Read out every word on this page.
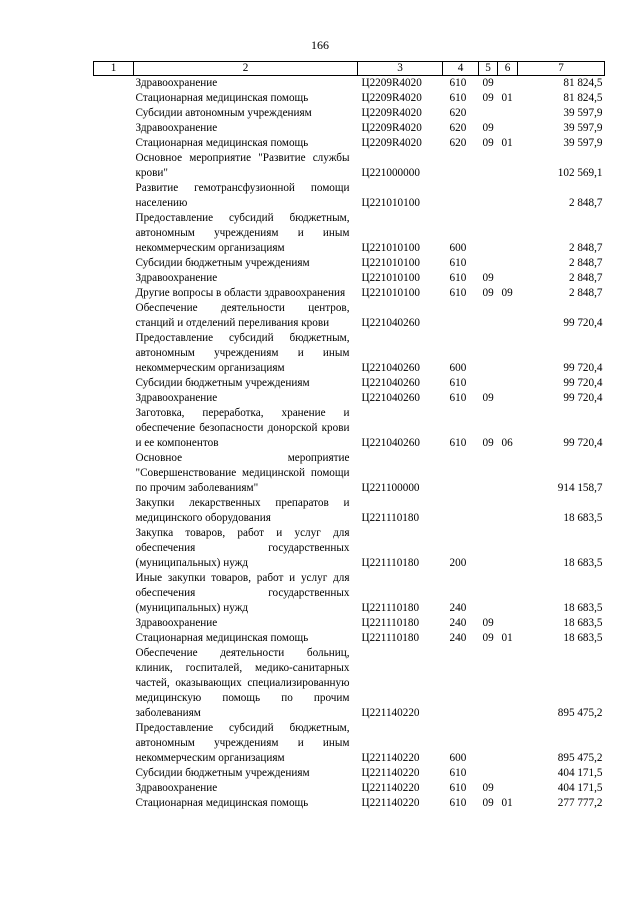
166
1	2	3	4	5	6	7
	Здравоохранение	Ц2209R4020	610	09		81 824,5
	Стационарная медицинская помощь	Ц2209R4020	610	09	01	81 824,5
	Субсидии автономным учреждениям	Ц2209R4020	620			39 597,9
	Здравоохранение	Ц2209R4020	620	09		39 597,9
	Стационарная медицинская помощь	Ц2209R4020	620	09	01	39 597,9
	Основное мероприятие "Развитие службы крови"	Ц221000000				102 569,1
	Развитие гемотрансфузионной помощи населению	Ц221010100				2 848,7
	Предоставление субсидий бюджетным, автономным учреждениям и иным некоммерческим организациям	Ц221010100	600			2 848,7
	Субсидии бюджетным учреждениям	Ц221010100	610			2 848,7
	Здравоохранение	Ц221010100	610	09		2 848,7
	Другие вопросы в области здравоохранения	Ц221010100	610	09	09	2 848,7
	Обеспечение деятельности центров, станций и отделений переливания крови	Ц221040260				99 720,4
	Предоставление субсидий бюджетным, автономным учреждениям и иным некоммерческим организациям	Ц221040260	600			99 720,4
	Субсидии бюджетным учреждениям	Ц221040260	610			99 720,4
	Здравоохранение	Ц221040260	610	09		99 720,4
	Заготовка, переработка, хранение и обеспечение безопасности донорской крови и ее компонентов	Ц221040260	610	09	06	99 720,4
	Основное мероприятие "Совершенствование медицинской помощи по прочим заболеваниям"	Ц221100000				914 158,7
	Закупки лекарственных препаратов и медицинского оборудования	Ц221110180				18 683,5
	Закупка товаров, работ и услуг для обеспечения государственных (муниципальных) нужд	Ц221110180	200			18 683,5
	Иные закупки товаров, работ и услуг для обеспечения государственных (муниципальных) нужд	Ц221110180	240			18 683,5
	Здравоохранение	Ц221110180	240	09		18 683,5
	Стационарная медицинская помощь	Ц221110180	240	09	01	18 683,5
	Обеспечение деятельности больниц, клиник, госпиталей, медико-санитарных частей, оказывающих специализированную медицинскую помощь по прочим заболеваниям	Ц221140220				895 475,2
	Предоставление субсидий бюджетным, автономным учреждениям и иным некоммерческим организациям	Ц221140220	600			895 475,2
	Субсидии бюджетным учреждениям	Ц221140220	610			404 171,5
	Здравоохранение	Ц221140220	610	09		404 171,5
	Стационарная медицинская помощь	Ц221140220	610	09	01	277 777,2
